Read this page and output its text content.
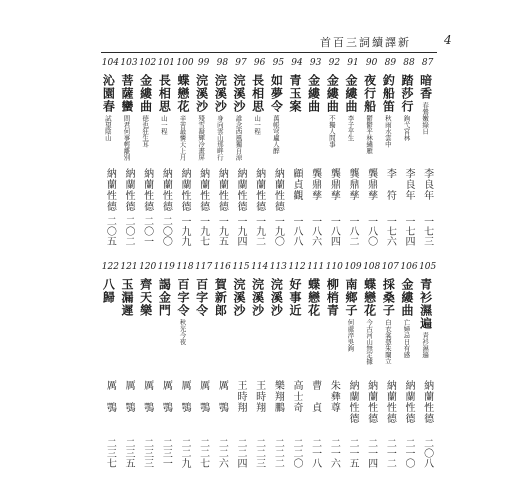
首百三詞續譯新	4
87
暗香
春鶯嫩綠日
李良年
一七三
88
踏莎行
鉤弋宮林
李良年
一七四
89
釣船笛
秋雨水雲中
李　符
一七六
90
夜行船
鬱鬱平林繡雁
龔鼎孳
一八〇
91
金縷曲
李子平生
龔鼎孳
一八二
92
金縷曲
不獨人間事
龔鼎孳
一八四
93
金縷曲
龔鼎孳
一八六
94
青玉案
顧貞觀
一八八
95
如夢令
萬帳穹廬人醉
納蘭性德
一九〇
96
長相思
山一程
納蘭性德
一九二
97
浣溪沙
誰念西風獨自涼
納蘭性德
一九四
98
浣溪沙
身向雲山那畔行
納蘭性德
一九五
99
浣溪沙
殘雪凝輝冷畫屏
納蘭性德
一九七
100
蝶戀花
辛苦最憐天上月
納蘭性德
一九九
101
長相思
山一程
納蘭性德
二〇〇
102
金縷曲
德也狂生耳
納蘭性德
二〇一
103
菩薩蠻
問君何事輕離別
納蘭性德
二〇二
104
沁園春
試望陰山
納蘭性德
二〇五
105
青衫濕遍
青衫濕遍
納蘭性德
二〇八
106
金縷曲
亡婦忌日有感
納蘭性德
二一〇
107
採桑子
白衣裳憑朱闌立
納蘭性德
二一二
108
蝶戀花
今古河山無定據
納蘭性德
二一四
109
南鄉子
何處淬吳鉤
納蘭性德
二一五
110
柳梢青
朱彝尊
二一六
111
蝶戀花
曹　貞
二一八
112
好事近
高士奇
二二〇
113
浣溪沙
樂翔鵬
二二二
114
浣溪沙
王時翔
二二三
115
浣溪沙
王時翔
二二四
116
賀新郎
厲　鶚
二二六
117
百字令
厲　鶚
二二七
118
百字令
秋光今夜
厲　鶚
二二九
119
謁金門
厲　鶚
二三一
120
齊天樂
厲　鶚
二三三
121
玉漏遲
厲　鶚
二三五
122
八歸
厲　鶚
二三七
